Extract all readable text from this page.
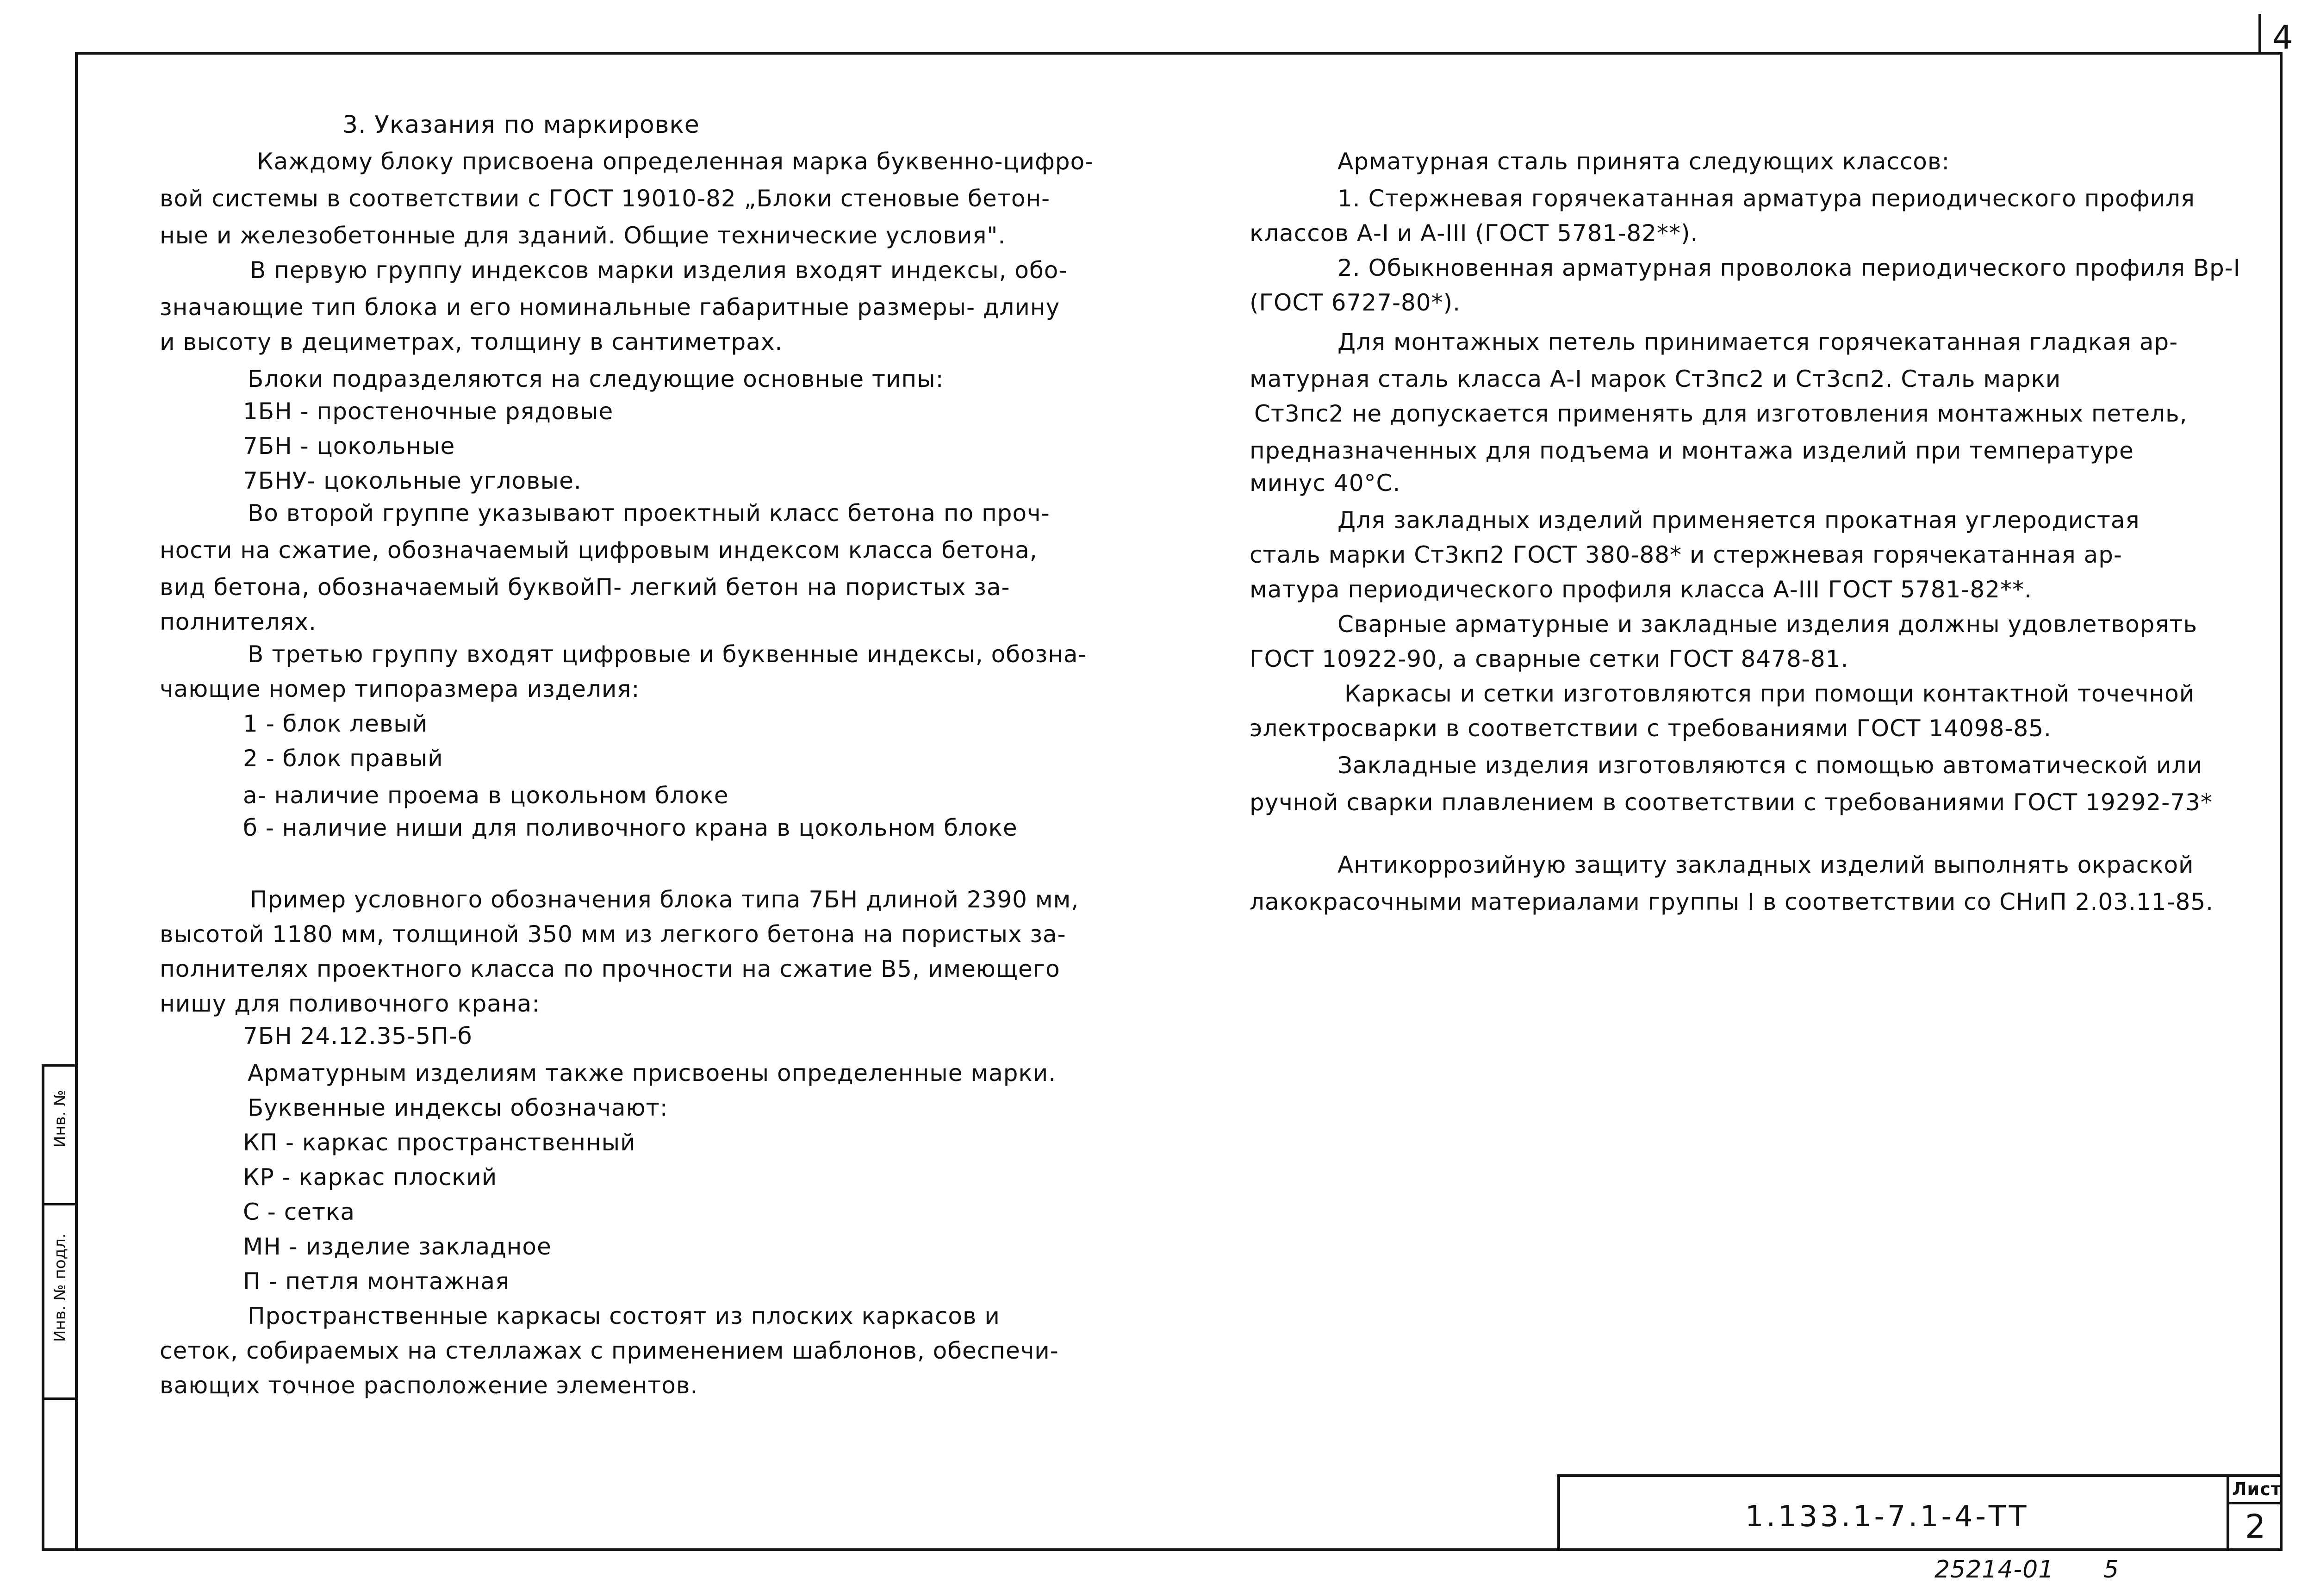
4
Инв. №
Инв. № подл.
3. Указания по маркировке
Каждому блоку присвоена определенная марка буквенно-цифро-
вой системы в соответствии с ГОСТ 19010-82 „Блоки стеновые бетон-
ные и железобетонные для зданий. Общие технические условия".
В первую группу индексов марки изделия входят индексы, обо-
значающие тип блока и его номинальные габаритные размеры- длину
и высоту в дециметрах, толщину в сантиметрах.
Блоки подразделяются на следующие основные типы:
1БН - простеночные рядовые
7БН - цокольные
7БНУ- цокольные угловые.
Во второй группе указывают проектный класс бетона по проч-
ности на сжатие, обозначаемый цифровым индексом класса бетона,
вид бетона, обозначаемый буквойП- легкий бетон на пористых за-
полнителях.
В третью группу входят цифровые и буквенные индексы, обозна-
чающие номер типоразмера изделия:
1 - блок левый
2 - блок правый
а- наличие проема в цокольном блоке
б - наличие ниши для поливочного крана в цокольном блоке
Пример условного обозначения блока типа 7БН длиной 2390 мм,
высотой 1180 мм, толщиной 350 мм из легкого бетона на пористых за-
полнителях проектного класса по прочности на сжатие В5, имеющего
нишу для поливочного крана:
7БН 24.12.35-5П-б
Арматурным изделиям также присвоены определенные марки.
Буквенные индексы обозначают:
КП - каркас пространственный
КР - каркас плоский
С - сетка
МН - изделие закладное
П - петля монтажная
Пространственные каркасы состоят из плоских каркасов и
сеток, собираемых на стеллажах с применением шаблонов, обеспечи-
вающих точное расположение элементов.
Арматурная сталь принята следующих классов:
1. Стержневая горячекатанная арматура периодического профиля
классов А-I и А-III (ГОСТ 5781-82**).
2. Обыкновенная арматурная проволока периодического профиля Вр-I
(ГОСТ 6727-80*).
Для монтажных петель принимается горячекатанная гладкая ар-
матурная сталь класса А-I марок Ст3пс2 и Ст3сп2. Сталь марки
Ст3пс2 не допускается применять для изготовления монтажных петель,
предназначенных для подъема и монтажа изделий при температуре
минус 40°С.
Для закладных изделий применяется прокатная углеродистая
сталь марки Ст3кп2 ГОСТ 380-88* и стержневая горячекатанная ар-
матура периодического профиля класса А-III ГОСТ 5781-82**.
Сварные арматурные и закладные изделия должны удовлетворять
ГОСТ 10922-90, а сварные сетки ГОСТ 8478-81.
Каркасы и сетки изготовляются при помощи контактной точечной
электросварки в соответствии с требованиями ГОСТ 14098-85.
Закладные изделия изготовляются с помощью автоматической или
ручной сварки плавлением в соответствии с требованиями ГОСТ 19292-73*
Антикоррозийную защиту закладных изделий выполнять окраской
лакокрасочными материалами группы I в соответствии со СНиП 2.03.11-85.
1.133.1-7.1-4-ТТ
Лист
2
25214-01 5
